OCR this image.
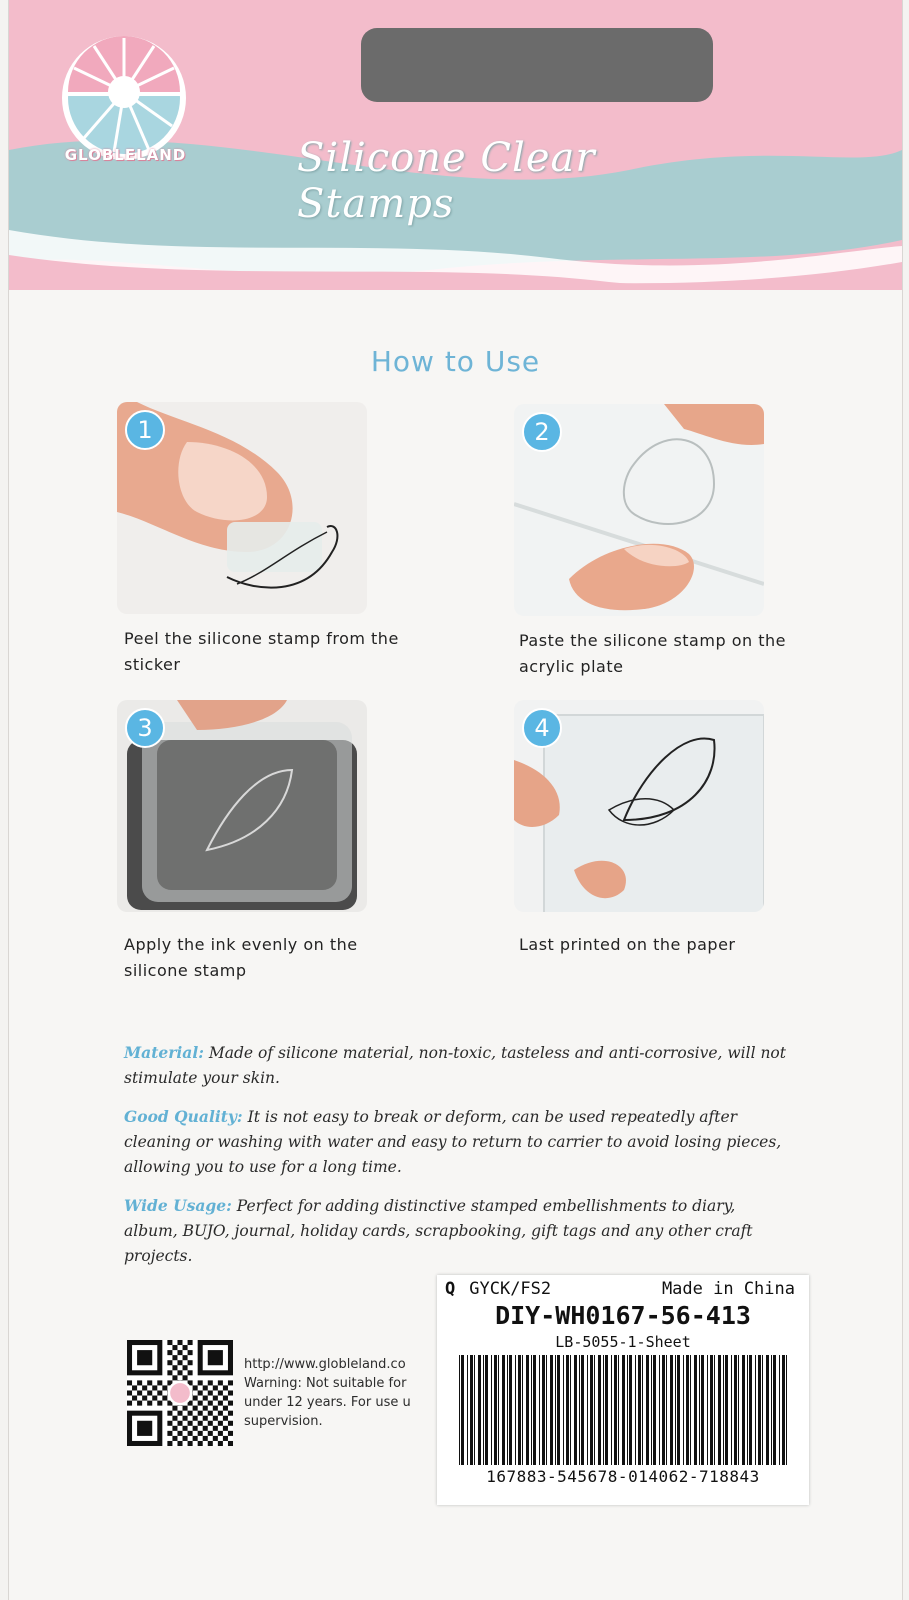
GLOBLELAND	Silicone Clear Stamps
How to Use
1
Peel the silicone stamp from the
sticker
2
Paste the silicone stamp on the
acrylic plate
3
Apply the ink evenly on the
silicone stamp
4
Last printed on the paper
Material: Made of silicone material, non-toxic, tasteless and anti-corrosive, will not stimulate your skin.
Good Quality: It is not easy to break or deform, can be used repeatedly after cleaning or washing with water and easy to return to carrier to avoid losing pieces, allowing you to use for a long time.
Wide Usage: Perfect for adding distinctive stamped embellishments to diary, album, BUJO, journal, holiday cards, scrapbooking, gift tags and any other craft projects.
http://www.globleland.co
Warning: Not suitable for
under 12 years. For use u
supervision.
Q GYCK/FS2	Made in China
DIY-WH0167-56-413
LB-5055-1-Sheet
167883-545678-014062-718843
